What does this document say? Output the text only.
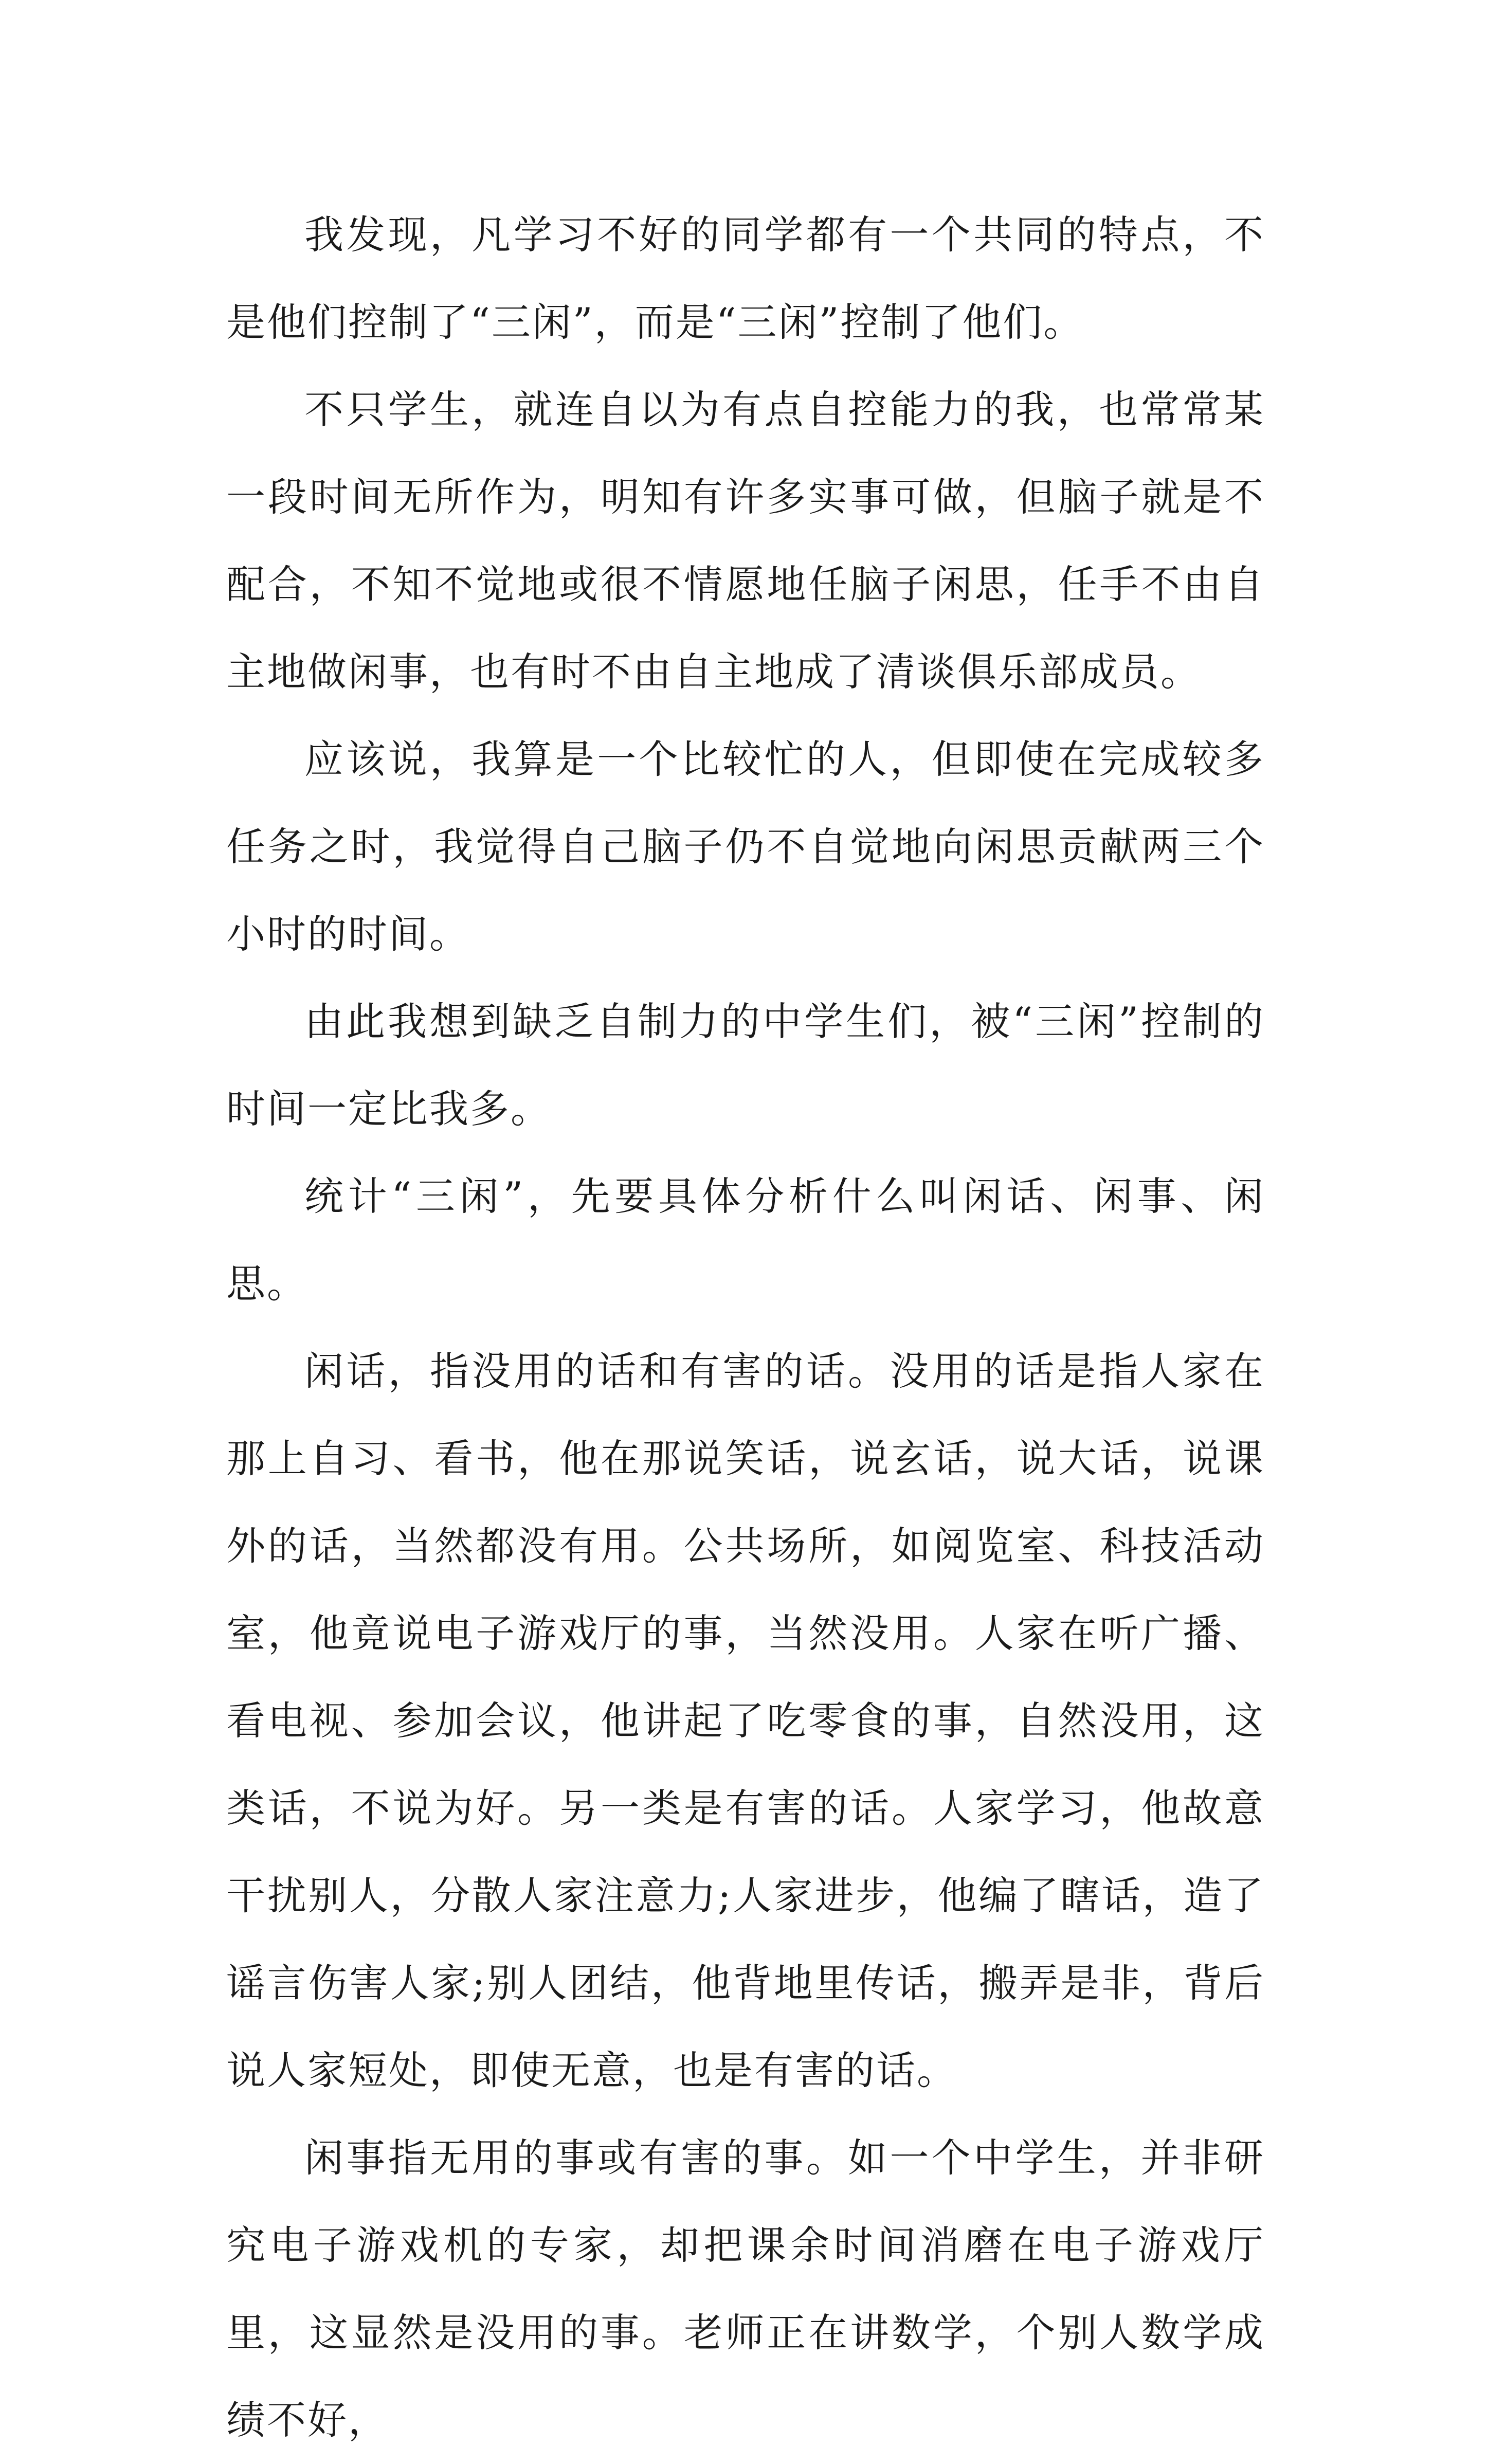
我发现，凡学习不好的同学都有一个共同的特点，不是他们控制了“三闲”，而是“三闲”控制了他们。

不只学生，就连自以为有点自控能力的我，也常常某一段时间无所作为，明知有许多实事可做，但脑子就是不配合，不知不觉地或很不情愿地任脑子闲思，任手不由自主地做闲事，也有时不由自主地成了清谈俱乐部成员。

应该说，我算是一个比较忙的人，但即使在完成较多任务之时，我觉得自己脑子仍不自觉地向闲思贡献两三个小时的时间。

由此我想到缺乏自制力的中学生们，被“三闲”控制的时间一定比我多。

统计“三闲”，先要具体分析什么叫闲话、闲事、闲思。

闲话，指没用的话和有害的话。没用的话是指人家在那上自习、看书，他在那说笑话，说玄话，说大话，说课外的话，当然都没有用。公共场所，如阅览室、科技活动室，他竟说电子游戏厅的事，当然没用。人家在听广播、看电视、参加会议，他讲起了吃零食的事，自然没用，这类话，不说为好。另一类是有害的话。人家学习，他故意干扰别人，分散人家注意力;人家进步，他编了瞎话，造了谣言伤害人家;别人团结，他背地里传话，搬弄是非，背后说人家短处，即使无意，也是有害的话。

闲事指无用的事或有害的事。如一个中学生，并非研究电子游戏机的专家，却把课余时间消磨在电子游戏厅里，这显然是没用的事。老师正在讲数学，个别人数学成绩不好，
